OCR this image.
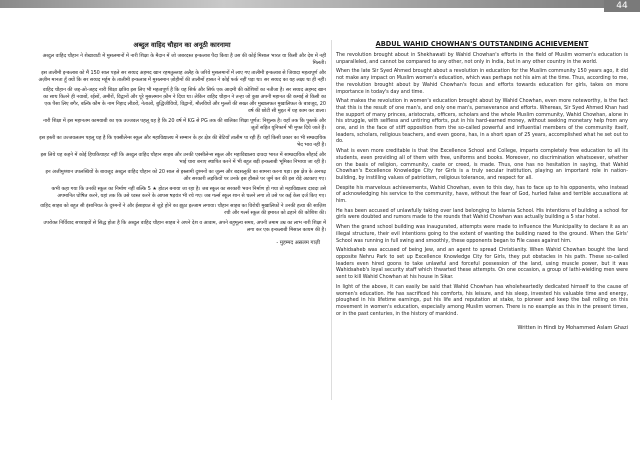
44
अब्दुल वाहिद चौहान का अनूठी कारनामा

अब्दुल वाहिद चौहान ने शेखावाटी में मुसलमानों में नारी शिक्षा के मैदान में जो जबरदस्त इन्कलाब पैदा किया है उस की कोई मिसाल भारत या किसी और देश में नहीं मिलती।

इस तालीमी इन्कलाब को मैं 150 साल पहले सर सय्यद अहमद खान रहमतुल्लाह अलैह के जरिये मुसलमानों में लाए गए तालीमी इन्कलाब से जियादा महत्वपूर्ण और अज़ीम मानता हूँ क्यों कि सर सय्यद मर्हूम के तालीमी इन्कलाब में मुसलमान ज़ोहीमों की तालीमों हासत ने कोई फर्क नहीं पड़ा था। सर सय्यद का यह लक्ष्य था ही नहीं।

वाहिद चौहान की जद्द-ओ-जहद नारी शिक्षा क्षत्रिय इस लिए भी महत्वपूर्ण है कि यह सिर्फ और सिर्फ एक आदमी की कोशिशों का नतीजा है। सर सय्यद अहमद खान का साथ कितने ही नवाबों, रईसों, अमीरों, विद्वानों और पूरे मुसलमान क़ौम ने दिया था। लेकिन वाहिद चौहान ने तन्हा जो कुछ अपनी महानत की कमाई से किसी का एक पैसा लिए बगैर, बल्कि कौम के नाम निहाद लीडरों, नेताओं, बुद्धिजीवियों, विद्वानों, मौलवियों और मुल्लों की सख्त और मुखालफ़त मुखालिफ़त के बावजूद, 20 वर्ष की छोटी सी मुद्दत में यह काम कर डाला।

नारी शिक्षा में इस महानतम कामयाबी का एक उज्जवल पहलू यह है कि 20 वर्ष में KG से PG तक की बालिका शिक्षा पूर्णत: निशुल्क है। यहाँ तक कि पुस्तकें और जूतों सहित यूनिफार्म भी मुफ्त दिये जाते हैं।

इस हस्ती का उज्जवलतम पहलू यह है कि एक्सीलेन्स स्कूल और महाविद्यालय में सम्मान के हर क्षेत्र की बेटियाँ तालीम पा रही हैं। यहाँ किसी प्रकार का भी सम्प्रदायिक भेद भाव नहीं है।

इस लिये यह कहने में कोई हिचकिचाहट नहीं कि अब्दुल वाहिद चौहान साहब और उनकी एक्सीलेन्स स्कूल और महाविद्यालय दावदा भारत में साम्प्रदायिक सौहार्द और भाई चारा बनाए स्थापित करने में भी बहुत बड़ी इन्कलाबी भूमिका निभाया जा रही है।

इन अजीमुश्शान उपलब्धियों के बावजूद अब्दुल वाहिद चौहान को 20 साल से इस्लामी दुश्मनों का जुल्म और बदसलूकी का सामना करना पड़ा। इस क्षेत्र के अनपढ़ और सरकारी लड़कियों पर उनके इस हौसले पर जुर्म कर की इस रोड़े अटकाए गए।

कभी कहा गया कि उनकी स्कूल का निर्माण नहीं बल्कि 5 ★ होटल बनाया जा रहा है। जब स्कूल का सरकारी भवन निर्माण हो गया तो महाविद्यालय दावदा उसे अपमानित घोषित करने, यहां तक कि उसे ध्वस्त करने के आपस षड़यंत्र भी रचे गए। जब गर्ल्स स्कूल शान से चलने लगा तो उसे पर कई केस दर्ज किए गए।

वाहिद साहब को बहुत सी इंसानियत के दुश्मनों ने और ईसाइयत से जुड़े होने का झूठा इल्जाम लगाया। चौहान साहब का विरोधी मुखालिफ़ों ने उनकी हत्या की साज़िश रची और गर्ल्स स्कूल की इमारत को ढहाने की कोशिश की।

उपरोक्त निर्विवाद सच्चाइयों से सिद्ध होता है कि अब्दुल वाहिद चौहान साहब ने अपने देश व आवाम, अपने बहुमूल्य समय, अपनी तमाम उम्र का लाभ नारी शिक्षा में लगा कर एक इन्कलाबी मिसाल कायम की है।

- मुहम्मद असलम गाज़ी
ABDUL WAHID CHOWHAN'S OUTSTANDING ACHIEVEMENT

The revolution brought about in Shekhawati by Wahid Chowhan's efforts in the field of Muslim women's education is unparalleled, and cannot be compared to any other, not only in India, but in any other country in the world.

When the late Sir Syed Ahmed brought about a revolution in education for the Muslim community 150 years ago, it did not make any impact on Muslim women's education, which was perhaps not his aim at the time. Thus, according to me, the revolution brought about by Wahid Chowhan's focus and efforts towards education for girls, takes on more importance in today's day and time.

What makes the revolution in women's education brought about by Wahid Chowhan, even more noteworthy, is the fact that this is the result of one man's, and only one man's, perseverance and efforts. Whereas, Sir Syed Ahmed Khan had the support of many princes, aristocrats, officers, scholars and the whole Muslim community, Wahid Chowhan, alone in his struggle, with selfless and untiring efforts, put in his hard-earned money, without seeking monetary help from any one, and in the face of stiff opposition from the so-called powerful and influential members of the community itself, leaders, scholars, religious teachers, and even goons, has, in a short span of 25 years, accomplished what he set out to do.

What is even more creditable is that the Excellence School and College, imparts completely free education to all its students, even providing all of them with free, uniforms and books. Moreover, no discrimination whatsoever, whether on the basis of religion, community, caste or creed, is made. Thus, one has no hesitation in saying, that Wahid Chowhan's Excellence Knowledge City for Girls is a truly secular institution, playing an important role in nation- building, by instilling values of patriotism, religious tolerance, and respect for all.

Despite his marvelous achievements, Wahid Chowhan, even to this day, has to face up to his opponents, who instead of acknowledging his service to the community, have, without the fear of God, hurled false and terrible accusations at him.

He has been accused of unlawfully taking over land belonging to Islamia School. His intentions of building a school for girls were doubted and rumors made to the rounds that Wahid Chowhan was actually building a 5 star hotel.

When the grand school building was inaugurated, attempts were made to influence the Municipality to declare it as an illegal structure, their evil intentions going to the extent of wanting the building razed to the ground. When the Girls' School was running in full swing and smoothly, these opponents began to File cases against him.

Wahidsaheb was accused of being Jew, and an agent to spread Christianity. When Wahid Chowhan bought the land opposite Nehru Park to set up Excellence Knowledge City for Girls, they put obstacles in his path. These so-called leaders even hired goons to take unlawful and forceful possession of the land, using muscle power, but it was Wahidsaheb's loyal security staff which thwarted these attempts. On one occasion, a group of lathi-wielding men were sent to kill Wahid Chowhan at his house in Sikar.

In light of the above, it can easily be said that Wahid Chowhan has wholeheartedly dedicated himself to the cause of women's education. He has sacrificed his comforts, his leisure, and his sleep, invested his valuable time and energy, ploughed in his lifetime earnings, put his life and reputation at stake, to pioneer and keep the ball rolling on this movement in women's education, especially among Muslim women. There is no example as this in the present times, or in the past centuries, in the history of mankind.

Written in Hindi by Mohammed Aslam Ghazi
